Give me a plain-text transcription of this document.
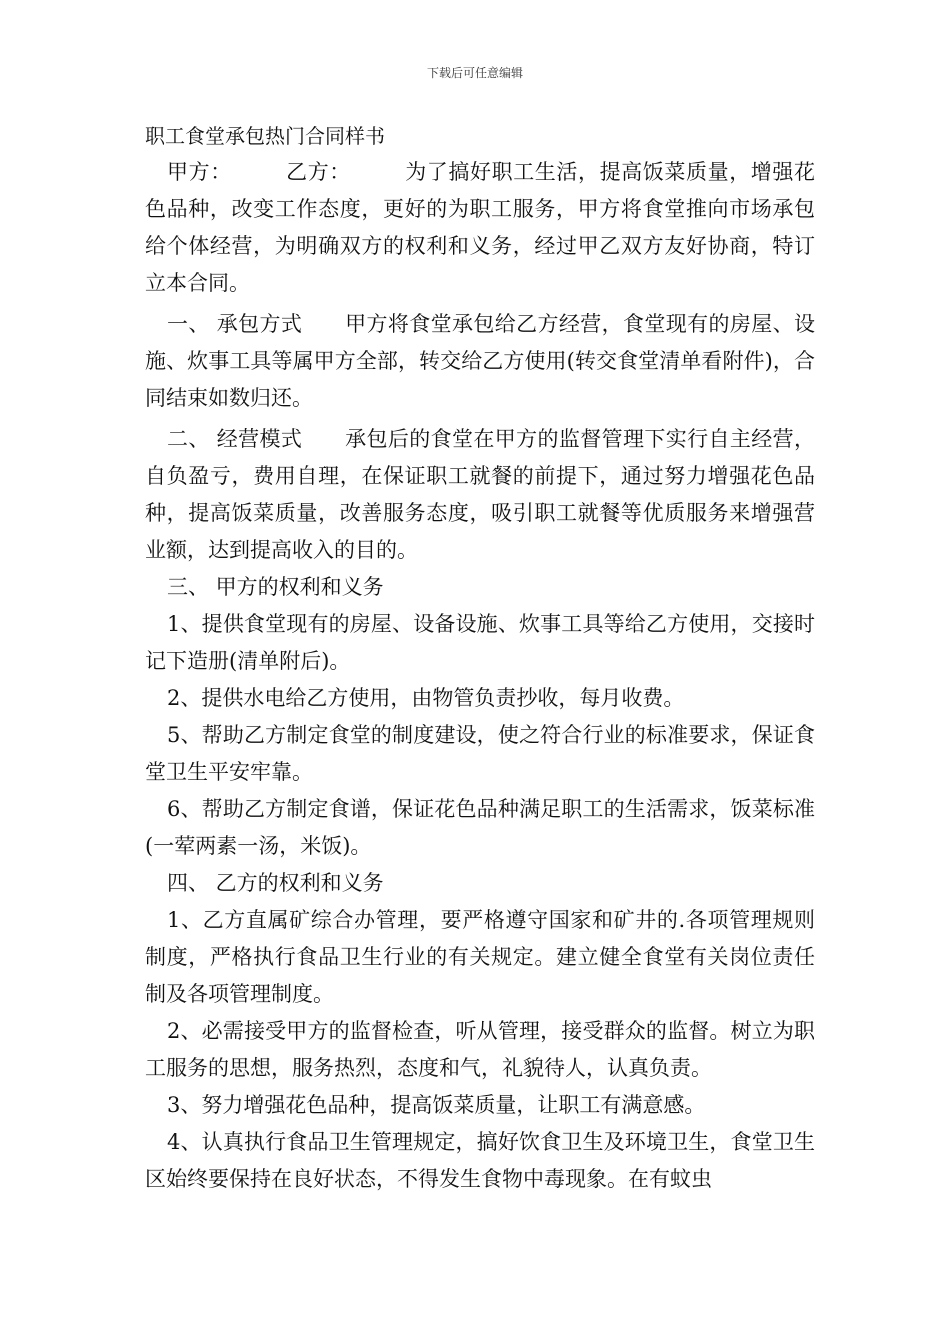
下载后可任意编辑

职工食堂承包热门合同样书

甲方：　　　乙方：　　　为了搞好职工生活，提高饭菜质量，增强花色品种，改变工作态度，更好的为职工服务，甲方将食堂推向市场承包给个体经营，为明确双方的权利和义务，经过甲乙双方友好协商，特订立本合同。

一、 承包方式　　甲方将食堂承包给乙方经营，食堂现有的房屋、设施、炊事工具等属甲方全部，转交给乙方使用(转交食堂清单看附件)，合同结束如数归还。

二、 经营模式　　承包后的食堂在甲方的监督管理下实行自主经营，自负盈亏，费用自理，在保证职工就餐的前提下，通过努力增强花色品种，提高饭菜质量，改善服务态度，吸引职工就餐等优质服务来增强营业额，达到提高收入的目的。

三、 甲方的权利和义务

1、提供食堂现有的房屋、设备设施、炊事工具等给乙方使用，交接时记下造册(清单附后)。

2、提供水电给乙方使用，由物管负责抄收，每月收费。

5、帮助乙方制定食堂的制度建设，使之符合行业的标准要求，保证食堂卫生平安牢靠。

6、帮助乙方制定食谱，保证花色品种满足职工的生活需求，饭菜标准(一荤两素一汤，米饭)。

四、 乙方的权利和义务

1、乙方直属矿综合办管理，要严格遵守国家和矿井的.各项管理规则制度，严格执行食品卫生行业的有关规定。建立健全食堂有关岗位责任制及各项管理制度。

2、必需接受甲方的监督检查，听从管理，接受群众的监督。树立为职工服务的思想，服务热烈，态度和气，礼貌待人，认真负责。

3、努力增强花色品种，提高饭菜质量，让职工有满意感。

4、认真执行食品卫生管理规定，搞好饮食卫生及环境卫生，食堂卫生区始终要保持在良好状态，不得发生食物中毒现象。在有蚊虫
